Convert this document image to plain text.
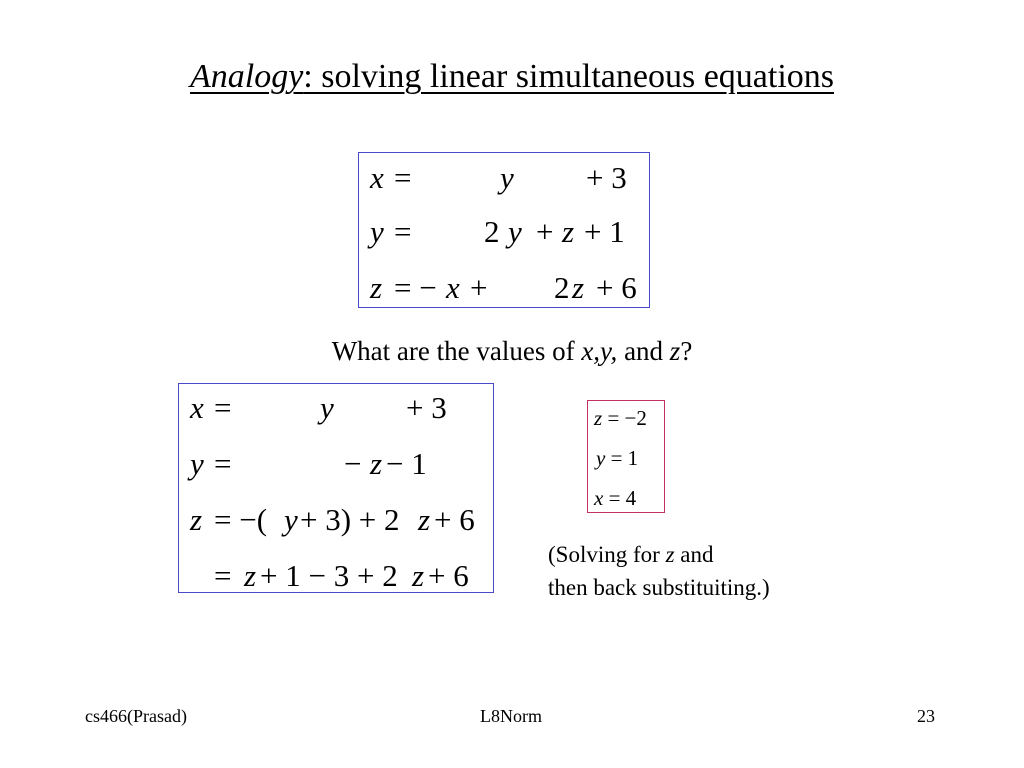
Analogy: solving linear simultaneous equations
x =	y + 3
y = 2 y + z + 1
z = − x + 2 z + 6
What are the values of x,y, and z?
x =	y + 3
y =	− z − 1
z = −( y + 3) + 2 z + 6
= z + 1 − 3 + 2 z + 6
z = −2
y = 1
x = 4
(Solving for z and
then back substituiting.)
cs466(Prasad)	L8Norm	23
